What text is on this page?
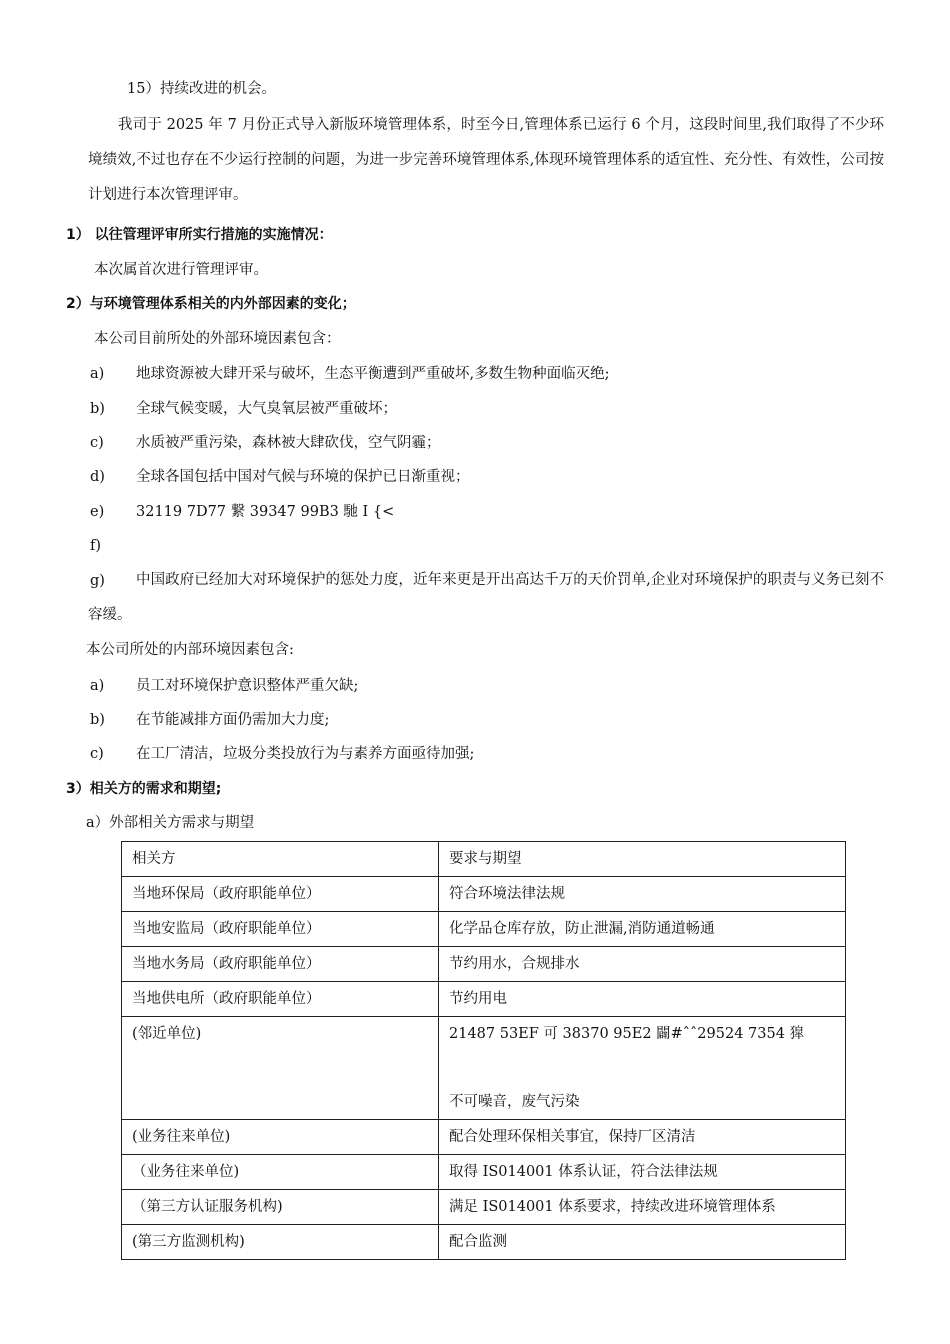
15）持续改进的机会。
我司于 2025 年 7 月份正式导入新版环境管理体系，时至今日,管理体系已运行 6 个月，这段时间里,我们取得了不少环境绩效,不过也存在不少运行控制的问题，为进一步完善环境管理体系,体现环境管理体系的适宜性、充分性、有效性，公司按计划进行本次管理评审。
1） 以往管理评审所实行措施的实施情况：
本次属首次进行管理评审。
2）与环境管理体系相关的内外部因素的变化；
本公司目前所处的外部环境因素包含：
a) 地球资源被大肆开采与破坏，生态平衡遭到严重破坏,多数生物种面临灭绝;
b) 全球气候变暖，大气臭氧层被严重破坏；
c) 水质被严重污染，森林被大肆砍伐，空气阴霾；
d) 全球各国包括中国对气候与环境的保护已日渐重视；
e) 32119 7D77 繋 39347 99B3 馳 I {<
f)
g)	中国政府已经加大对环境保护的惩处力度，近年来更是开出高达千万的天价罚单,企业对环境保护的职责与义务已刻不容缓。
本公司所处的内部环境因素包含:
a) 员工对环境保护意识整体严重欠缺;
b) 在节能减排方面仍需加大力度;
c) 在工厂清洁，垃圾分类投放行为与素养方面亟待加强;
3）相关方的需求和期望;
a）外部相关方需求与期望
相关方	要求与期望
当地环保局（政府职能单位）	符合环境法律法规
当地安监局（政府职能单位）	化学品仓库存放，防止泄漏,消防通道畅通
当地水务局（政府职能单位）	节约用水，合规排水
当地供电所（政府职能单位）	节约用电
(邻近单位)	21487 53EF 可 38370 95E2 闢#ˆˆ29524 7354 獔
不可噪音，废气污染

(业务往来单位)	配合处理环保相关事宜，保持厂区清洁
（业务往来单位)	取得 IS014001 体系认证，符合法律法规
（第三方认证服务机构)	满足 IS014001 体系要求，持续改进环境管理体系
(第三方监测机构)	配合监测
